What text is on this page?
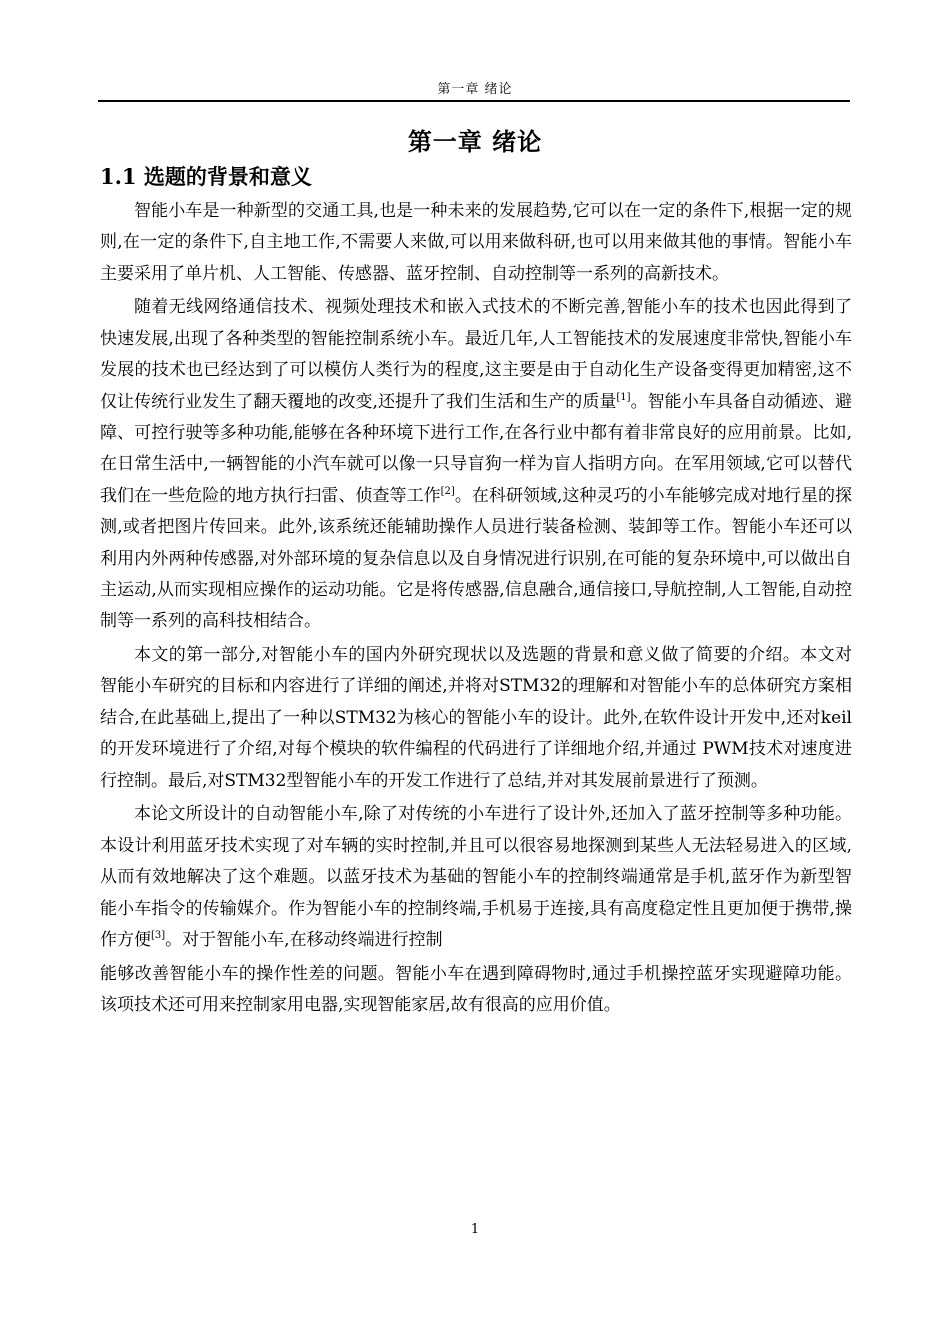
第一章 绪论
第一章 绪论
1.1 选题的背景和意义

智能小车是一种新型的交通工具,也是一种未来的发展趋势,它可以在一定的条件下,根据一定的规则,在一定的条件下,自主地工作,不需要人来做,可以用来做科研,也可以用来做其他的事情。智能小车主要采用了单片机、人工智能、传感器、蓝牙控制、自动控制等一系列的高新技术。

随着无线网络通信技术、视频处理技术和嵌入式技术的不断完善,智能小车的技术也因此得到了快速发展,出现了各种类型的智能控制系统小车。最近几年,人工智能技术的发展速度非常快,智能小车发展的技术也已经达到了可以模仿人类行为的程度,这主要是由于自动化生产设备变得更加精密,这不仅让传统行业发生了翻天覆地的改变,还提升了我们生活和生产的质量[1]。智能小车具备自动循迹、避障、可控行驶等多种功能,能够在各种环境下进行工作,在各行业中都有着非常良好的应用前景。比如,在日常生活中,一辆智能的小汽车就可以像一只导盲狗一样为盲人指明方向。在军用领域,它可以替代我们在一些危险的地方执行扫雷、侦查等工作[2]。在科研领域,这种灵巧的小车能够完成对地行星的探测,或者把图片传回来。此外,该系统还能辅助操作人员进行装备检测、装卸等工作。智能小车还可以利用内外两种传感器,对外部环境的复杂信息以及自身情况进行识别,在可能的复杂环境中,可以做出自主运动,从而实现相应操作的运动功能。它是将传感器,信息融合,通信接口,导航控制,人工智能,自动控制等一系列的高科技相结合。

本文的第一部分,对智能小车的国内外研究现状以及选题的背景和意义做了简要的介绍。本文对智能小车研究的目标和内容进行了详细的阐述,并将对STM32的理解和对智能小车的总体研究方案相结合,在此基础上,提出了一种以STM32为核心的智能小车的设计。此外,在软件设计开发中,还对keil的开发环境进行了介绍,对每个模块的软件编程的代码进行了详细地介绍,并通过 PWM技术对速度进行控制。最后,对STM32型智能小车的开发工作进行了总结,并对其发展前景进行了预测。

本论文所设计的自动智能小车,除了对传统的小车进行了设计外,还加入了蓝牙控制等多种功能。本设计利用蓝牙技术实现了对车辆的实时控制,并且可以很容易地探测到某些人无法轻易进入的区域,从而有效地解决了这个难题。以蓝牙技术为基础的智能小车的控制终端通常是手机,蓝牙作为新型智能小车指令的传输媒介。作为智能小车的控制终端,手机易于连接,具有高度稳定性且更加便于携带,操作方便[3]。对于智能小车,在移动终端进行控制

能够改善智能小车的操作性差的问题。智能小车在遇到障碍物时,通过手机操控蓝牙实现避障功能。该项技术还可用来控制家用电器,实现智能家居,故有很高的应用价值。

1
